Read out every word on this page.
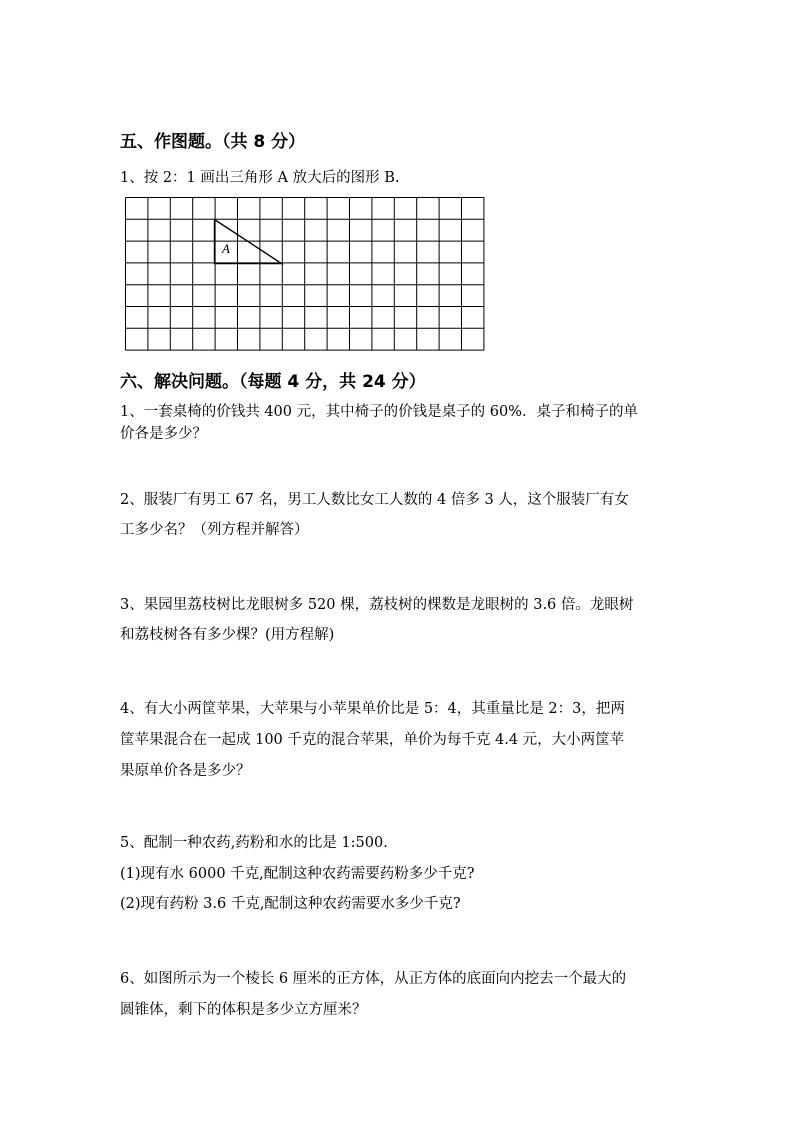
五、作图题。（共 8 分）
1、按 2：1 画出三角形 A 放大后的图形 B.
A
六、解决问题。（每题 4 分，共 24 分）
1、一套桌椅的价钱共 400 元，其中椅子的价钱是桌子的 60%．桌子和椅子的单
价各是多少？
2、服装厂有男工 67 名，男工人数比女工人数的 4 倍多 3 人，这个服装厂有女
工多少名？（列方程并解答）
3、果园里荔枝树比龙眼树多 520 棵，荔枝树的棵数是龙眼树的 3.6 倍。龙眼树
和荔枝树各有多少棵？(用方程解)
4、有大小两筐苹果，大苹果与小苹果单价比是 5：4，其重量比是 2：3，把两
筐苹果混合在一起成 100 千克的混合苹果，单价为每千克 4.4 元，大小两筐苹
果原单价各是多少？
5、配制一种农药,药粉和水的比是 1:500.
(1)现有水 6000 千克,配制这种农药需要药粉多少千克?
(2)现有药粉 3.6 千克,配制这种农药需要水多少千克?
6、如图所示为一个棱长 6 厘米的正方体，从正方体的底面向内挖去一个最大的
圆锥体，剩下的体积是多少立方厘米？
